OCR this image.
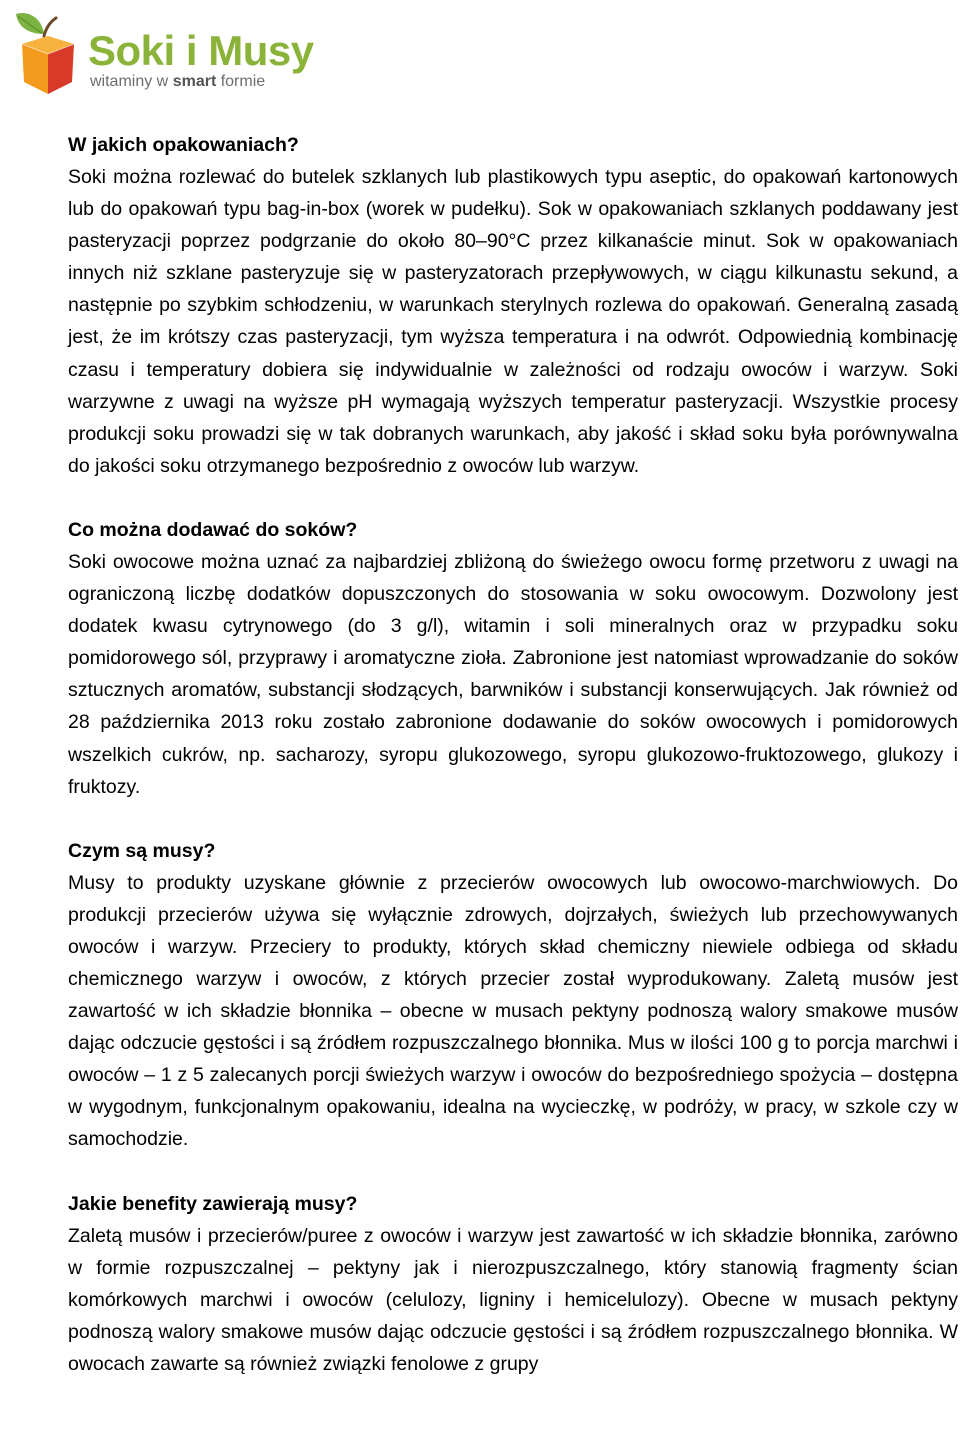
Soki i Musy
witaminy w smart formie
W jakich opakowaniach?

Soki można rozlewać do butelek szklanych lub plastikowych typu aseptic, do opakowań kartonowych lub do opakowań typu bag-in-box (worek w pudełku). Sok w opakowaniach szklanych poddawany jest pasteryzacji poprzez podgrzanie do około 80–90°C przez kilkanaście minut. Sok w opakowaniach innych niż szklane pasteryzuje się w pasteryzatorach przepływowych, w ciągu kilkunastu sekund, a następnie po szybkim schłodzeniu, w warunkach sterylnych rozlewa do opakowań. Generalną zasadą jest, że im krótszy czas pasteryzacji, tym wyższa temperatura i na odwrót. Odpowiednią kombinację czasu i temperatury dobiera się indywidualnie w zależności od rodzaju owoców i warzyw. Soki warzywne z uwagi na wyższe pH wymagają wyższych temperatur pasteryzacji. Wszystkie procesy produkcji soku prowadzi się w tak dobranych warunkach, aby jakość i skład soku była porównywalna do jakości soku otrzymanego bezpośrednio z owoców lub warzyw.

Co można dodawać do soków?

Soki owocowe można uznać za najbardziej zbliżoną do świeżego owocu formę przetworu z uwagi na ograniczoną liczbę dodatków dopuszczonych do stosowania w soku owocowym. Dozwolony jest dodatek kwasu cytrynowego (do 3 g/l), witamin i soli mineralnych oraz w przypadku soku pomidorowego sól, przyprawy i aromatyczne zioła. Zabronione jest natomiast wprowadzanie do soków sztucznych aromatów, substancji słodzących, barwników i substancji konserwujących. Jak również od 28 października 2013 roku zostało zabronione dodawanie do soków owocowych i pomidorowych wszelkich cukrów, np. sacharozy, syropu glukozowego, syropu glukozowo-fruktozowego, glukozy i fruktozy.

Czym są musy?

Musy to produkty uzyskane głównie z przecierów owocowych lub owocowo-marchwiowych. Do produkcji przecierów używa się wyłącznie zdrowych, dojrzałych, świeżych lub przechowywanych owoców i warzyw. Przeciery to produkty, których skład chemiczny niewiele odbiega od składu chemicznego warzyw i owoców, z których przecier został wyprodukowany. Zaletą musów jest zawartość w ich składzie błonnika – obecne w musach pektyny podnoszą walory smakowe musów dając odczucie gęstości i są źródłem rozpuszczalnego błonnika. Mus w ilości 100 g to porcja marchwi i owoców – 1 z 5 zalecanych porcji świeżych warzyw i owoców do bezpośredniego spożycia – dostępna w wygodnym, funkcjonalnym opakowaniu, idealna na wycieczkę, w podróży, w pracy, w szkole czy w samochodzie.

Jakie benefity zawierają musy?

Zaletą musów i przecierów/puree z owoców i warzyw jest zawartość w ich składzie błonnika, zarówno w formie rozpuszczalnej – pektyny jak i nierozpuszczalnego, który stanowią fragmenty ścian komórkowych marchwi i owoców (celulozy, ligniny i hemicelulozy). Obecne w musach pektyny podnoszą walory smakowe musów dając odczucie gęstości i są źródłem rozpuszczalnego błonnika. W owocach zawarte są również związki fenolowe z grupy
